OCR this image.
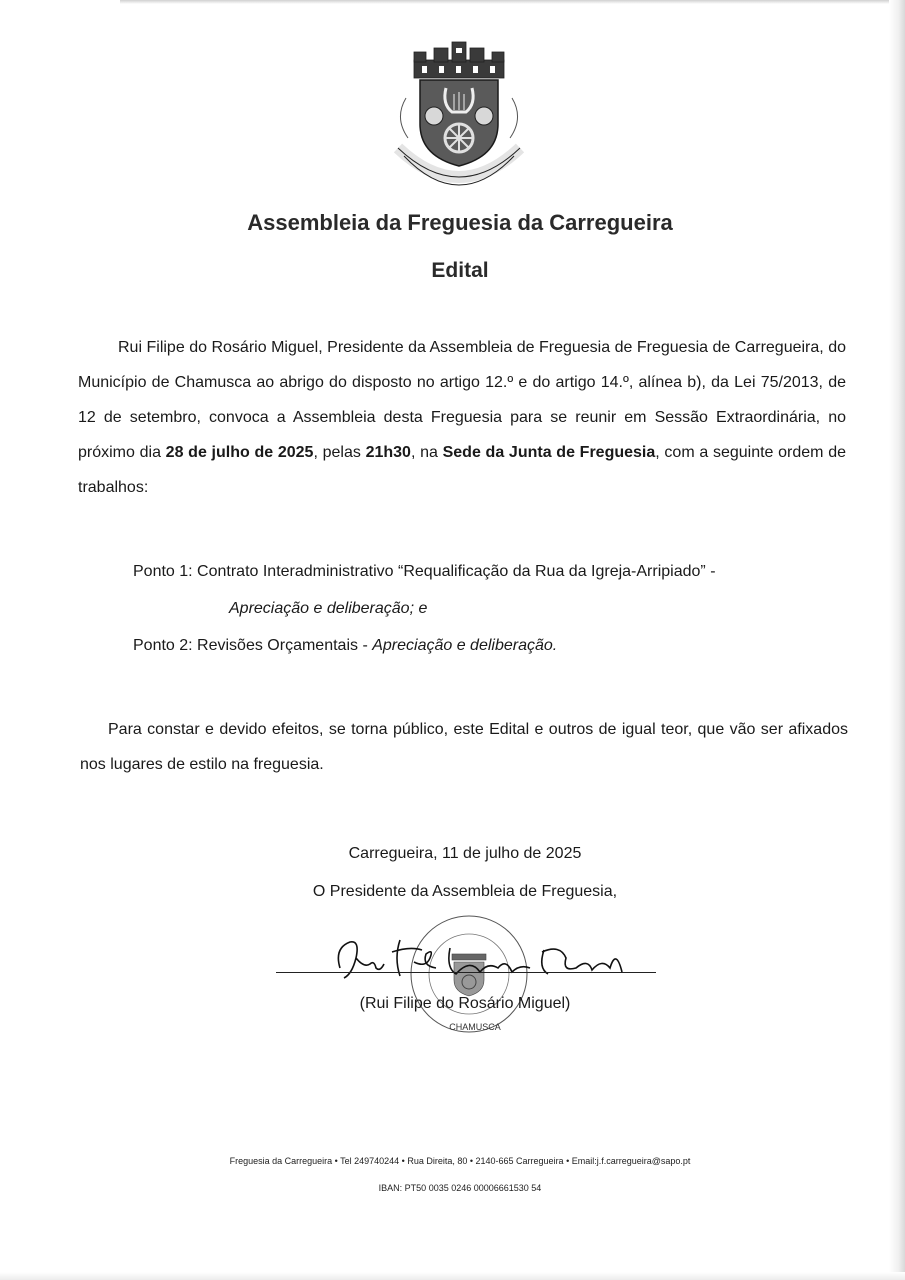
Assembleia da Freguesia da Carregueira
Edital

Rui Filipe do Rosário Miguel, Presidente da Assembleia de Freguesia de Freguesia de Carregueira, do Município de Chamusca ao abrigo do disposto no artigo 12.º e do artigo 14.º, alínea b), da Lei 75/2013, de 12 de setembro, convoca a Assembleia desta Freguesia para se reunir em Sessão Extraordinária, no próximo dia 28 de julho de 2025, pelas 21h30, na Sede da Junta de Freguesia, com a seguinte ordem de trabalhos:

Ponto 1: Contrato Interadministrativo “Requalificação da Rua da Igreja-Arripiado” -

Apreciação e deliberação; e

Ponto 2: Revisões Orçamentais - Apreciação e deliberação.

Para constar e devido efeitos, se torna público, este Edital e outros de igual teor, que vão ser afixados nos lugares de estilo na freguesia.

Carregueira, 11 de julho de 2025

O Presidente da Assembleia de Freguesia,

(Rui Filipe do Rosário Miguel)

CHAMUSCA

Freguesia da Carregueira • Tel 249740244 • Rua Direita, 80 • 2140-665 Carregueira • Email:j.f.carregueira@sapo.pt

IBAN: PT50 0035 0246 00006661530 54
